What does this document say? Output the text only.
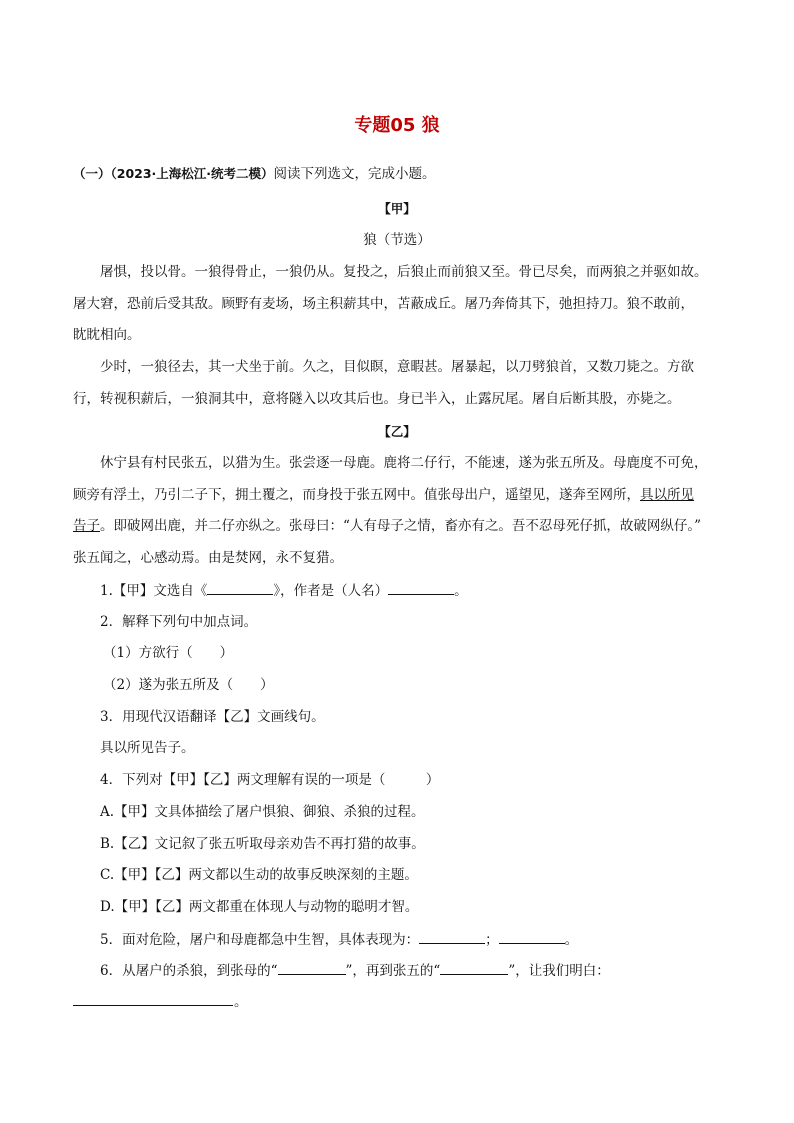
专题05 狼
（一）（2023·上海松江·统考二模）阅读下列选文，完成小题。
【甲】
狼（节选）
屠惧，投以骨。一狼得骨止，一狼仍从。复投之，后狼止而前狼又至。骨已尽矣，而两狼之并驱如故。
屠大窘，恐前后受其敌。顾野有麦场，场主积薪其中，苫蔽成丘。屠乃奔倚其下，弛担持刀。狼不敢前，
眈眈相向。
少时，一狼径去，其一犬坐于前。久之，目似瞑，意暇甚。屠暴起，以刀劈狼首，又数刀毙之。方欲
行，转视积薪后，一狼洞其中，意将隧入以攻其后也。身已半入，止露尻尾。屠自后断其股，亦毙之。
【乙】
休宁县有村民张五，以猎为生。张尝逐一母鹿。鹿将二仔行，不能速，遂为张五所及。母鹿度不可免，
顾旁有浮土，乃引二子下，拥土覆之，而身投于张五网中。值张母出户，遥望见，遂奔至网所，具以所见
告子。即破网出鹿，并二仔亦纵之。张母曰：“人有母子之情，畜亦有之。吾不忍母死仔抓，故破网纵仔。”
张五闻之，心感动焉。由是焚网，永不复猎。
1.【甲】文选自《	》，作者是（人名）	。
2．解释下列句中加点词。
（1）方欲行（　　）
（2）遂为张五所及（　　）
3．用现代汉语翻译【乙】文画线句。
具以所见告子。
4．下列对【甲】【乙】两文理解有误的一项是（　　　）
A.【甲】文具体描绘了屠户惧狼、御狼、杀狼的过程。
B.【乙】文记叙了张五听取母亲劝告不再打猎的故事。
C.【甲】【乙】两文都以生动的故事反映深刻的主题。
D.【甲】【乙】两文都重在体现人与动物的聪明才智。
5．面对危险，屠户和母鹿都急中生智，具体表现为：	；	。
6．从屠户的杀狼，到张母的“	”，再到张五的“	”，让我们明白：
。
